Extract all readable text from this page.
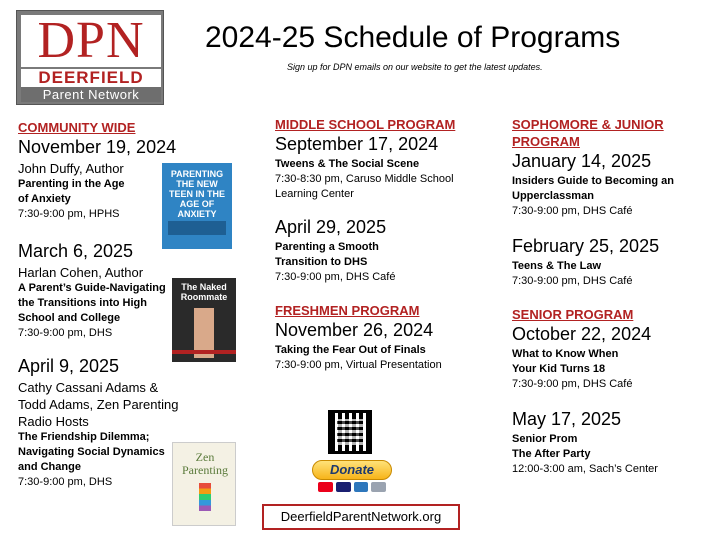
DPN
DEERFIELD
Parent Network
2024-25 Schedule of Programs
Sign up for DPN emails on our website to get the latest updates.
COMMUNITY WIDE
November 19, 2024
John Duffy, Author
Parenting in the Age
of Anxiety
7:30-9:00 pm, HPHS
March 6, 2025
Harlan Cohen, Author
A Parent’s Guide-Navigating
the Transitions into High
School and College
7:30-9:00 pm, DHS
April 9, 2025
Cathy Cassani Adams &
Todd Adams, Zen Parenting
Radio Hosts
The Friendship Dilemma;
Navigating Social Dynamics
and Change
7:30-9:00 pm, DHS
PARENTING THE NEW TEEN IN THE AGE OF ANXIETY
The Naked Roommate
Zen Parenting
MIDDLE SCHOOL PROGRAM
September 17, 2024
Tweens & The Social Scene
7:30-8:30 pm, Caruso Middle School
Learning Center
April 29, 2025
Parenting a Smooth
Transition to DHS
7:30-9:00 pm, DHS Café
FRESHMEN PROGRAM
November 26, 2024
Taking the Fear Out of Finals
7:30-9:00 pm, Virtual Presentation
Donate
DeerfieldParentNetwork.org
SOPHOMORE & JUNIOR
PROGRAM
January 14, 2025
Insiders Guide to Becoming an
Upperclassman
7:30-9:00 pm, DHS Café
February 25, 2025
Teens & The Law
7:30-9:00 pm, DHS Café
SENIOR PROGRAM
October 22, 2024
What to Know When
Your Kid Turns 18
7:30-9:00 pm, DHS Café
May 17, 2025
Senior Prom
The After Party
12:00-3:00 am, Sach’s Center
